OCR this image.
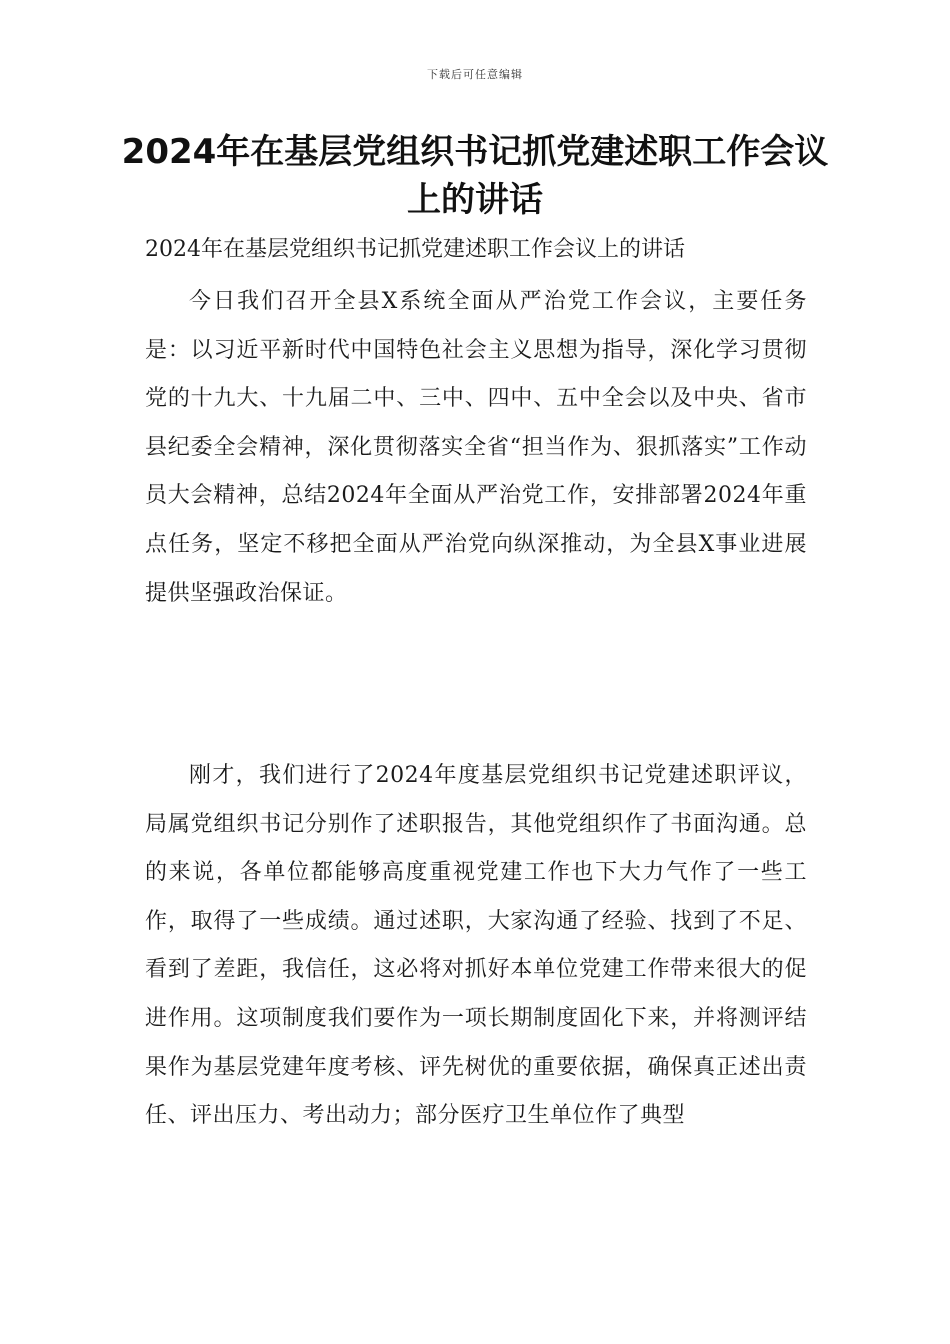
下载后可任意编辑
2024年在基层党组织书记抓党建述职工作会议上的讲话

2024年在基层党组织书记抓党建述职工作会议上的讲话

今日我们召开全县X系统全面从严治党工作会议，主要任务是：以习近平新时代中国特色社会主义思想为指导，深化学习贯彻党的十九大、十九届二中、三中、四中、五中全会以及中央、省市县纪委全会精神，深化贯彻落实全省“担当作为、狠抓落实”工作动员大会精神，总结2024年全面从严治党工作，安排部署2024年重点任务，坚定不移把全面从严治党向纵深推动，为全县X事业进展提供坚强政治保证。

刚才，我们进行了2024年度基层党组织书记党建述职评议，局属党组织书记分别作了述职报告，其他党组织作了书面沟通。总的来说，各单位都能够高度重视党建工作也下大力气作了一些工作，取得了一些成绩。通过述职，大家沟通了经验、找到了不足、看到了差距，我信任，这必将对抓好本单位党建工作带来很大的促进作用。这项制度我们要作为一项长期制度固化下来，并将测评结果作为基层党建年度考核、评先树优的重要依据，确保真正述出责任、评出压力、考出动力；部分医疗卫生单位作了典型
